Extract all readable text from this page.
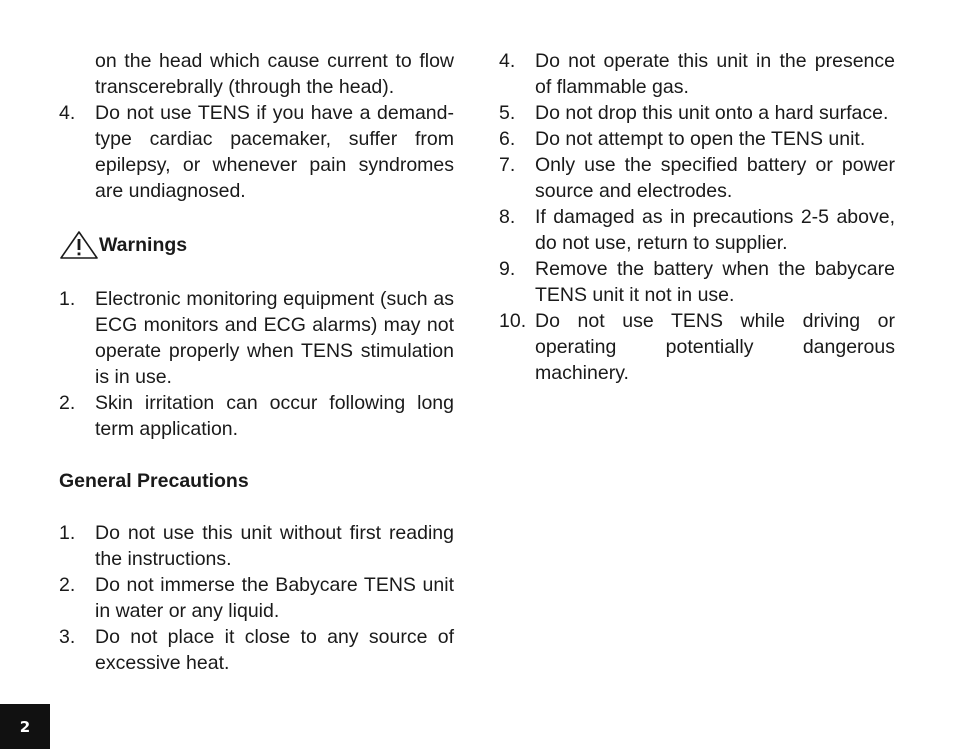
on the head which cause current to flow transcerebrally (through the head).
4. Do not use TENS if you have a demand-type cardiac pacemaker, suffer from epilepsy, or whenever pain syndromes are undiagnosed.
Warnings
1. Electronic monitoring equipment (such as ECG monitors and ECG alarms) may not operate properly when TENS stimulation is in use.
2. Skin irritation can occur following long term application.
General Precautions
1. Do not use this unit without first reading the instructions.
2. Do not immerse the Babycare TENS unit in water or any liquid.
3. Do not place it close to any source of excessive heat.
4. Do not operate this unit in the presence of flammable gas.
5. Do not drop this unit onto a hard surface.
6. Do not attempt to open the TENS unit.
7. Only use the specified battery or power source and electrodes.
8. If damaged as in precautions 2-5 above, do not use, return to supplier.
9. Remove the battery when the babycare TENS unit it not in use.
10. Do not use TENS while driving or operating potentially dangerous machinery.
2
